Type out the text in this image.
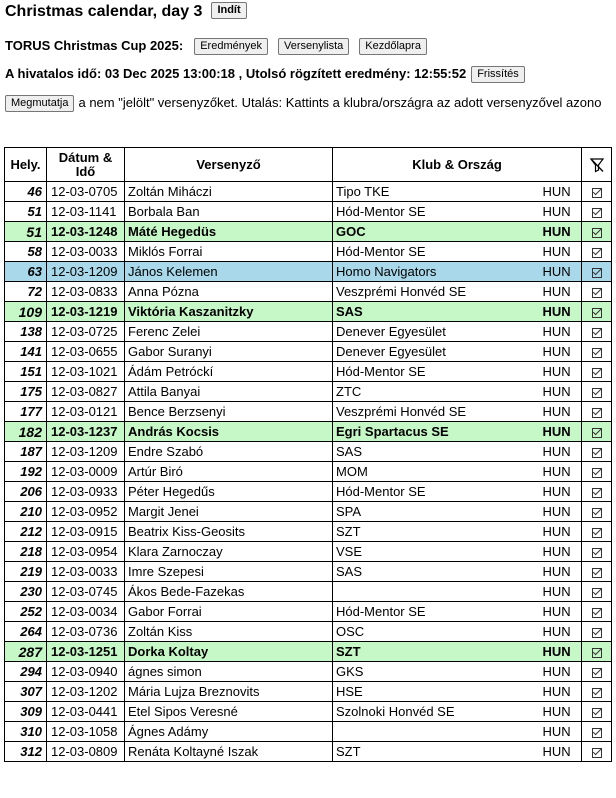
Christmas calendar, day 3 Indít
TORUS Christmas Cup 2025: Eredmények Versenylista Kezdőlapra
A hivatalos idő: 03 Dec 2025 13:00:18 , Utolsó rögzített eredmény: 12:55:52 Frissítés
Megmutatja a nem "jelölt" versenyzőket. Utalás: Kattints a klubra/országra az adott versenyzővel azono
Hely.	Dátum & Idő	Versenyző	Klub & Ország	
46	12-03-0705	Zoltán Miháczi	Tipo TKE	HUN	
51	12-03-1141	Borbala Ban	Hód-Mentor SE	HUN	
51	12-03-1248	Máté Hegedüs	GOC	HUN	
58	12-03-0033	Miklós Forrai	Hód-Mentor SE	HUN	
63	12-03-1209	János Kelemen	Homo Navigators	HUN	
72	12-03-0833	Anna Pózna	Veszprémi Honvéd SE	HUN	
109	12-03-1219	Viktória Kaszanitzky	SAS	HUN	
138	12-03-0725	Ferenc Zelei	Denever Egyesület	HUN	
141	12-03-0655	Gabor Suranyi	Denever Egyesület	HUN	
151	12-03-1021	Ádám Petróckí	Hód-Mentor SE	HUN	
175	12-03-0827	Attila Banyai	ZTC	HUN	
177	12-03-0121	Bence Berzsenyi	Veszprémi Honvéd SE	HUN	
182	12-03-1237	András Kocsis	Egri Spartacus SE	HUN	
187	12-03-1209	Endre Szabó	SAS	HUN	
192	12-03-0009	Artúr Biró	MOM	HUN	
206	12-03-0933	Péter Hegedűs	Hód-Mentor SE	HUN	
210	12-03-0952	Margit Jenei	SPA	HUN	
212	12-03-0915	Beatrix Kiss-Geosits	SZT	HUN	
218	12-03-0954	Klara Zarnoczay	VSE	HUN	
219	12-03-0033	Imre Szepesi	SAS	HUN	
230	12-03-0745	Ákos Bede-Fazekas		HUN	
252	12-03-0034	Gabor Forrai	Hód-Mentor SE	HUN	
264	12-03-0736	Zoltán Kiss	OSC	HUN	
287	12-03-1251	Dorka Koltay	SZT	HUN	
294	12-03-0940	ágnes simon	GKS	HUN	
307	12-03-1202	Mária Lujza Breznovits	HSE	HUN	
309	12-03-0441	Etel Sipos Veresné	Szolnoki Honvéd SE	HUN	
310	12-03-1058	Ágnes Adámy		HUN	
312	12-03-0809	Renáta Koltayné Iszak	SZT	HUN	
